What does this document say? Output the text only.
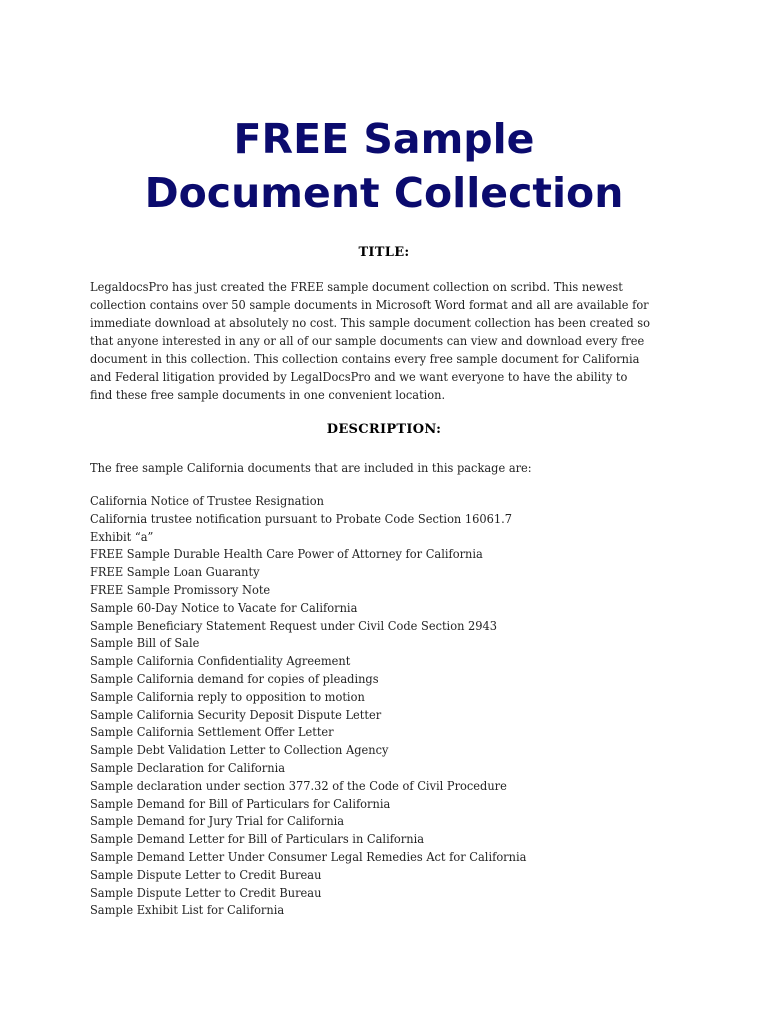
FREE Sample
Document Collection

TITLE:

LegaldocsPro has just created the FREE sample document collection on scribd. This newest
collection contains over 50 sample documents in Microsoft Word format and all are available for
immediate download at absolutely no cost. This sample document collection has been created so
that anyone interested in any or all of our sample documents can view and download every free
document in this collection. This collection contains every free sample document for California
and Federal litigation provided by LegalDocsPro and we want everyone to have the ability to
find these free sample documents in one convenient location.

DESCRIPTION:

The free sample California documents that are included in this package are:

California Notice of Trustee Resignation
California trustee notification pursuant to Probate Code Section 16061.7
Exhibit “a”
FREE Sample Durable Health Care Power of Attorney for California
FREE Sample Loan Guaranty
FREE Sample Promissory Note
Sample 60-Day Notice to Vacate for California
Sample Beneficiary Statement Request under Civil Code Section 2943
Sample Bill of Sale
Sample California Confidentiality Agreement
Sample California demand for copies of pleadings
Sample California reply to opposition to motion
Sample California Security Deposit Dispute Letter
Sample California Settlement Offer Letter
Sample Debt Validation Letter to Collection Agency
Sample Declaration for California
Sample declaration under section 377.32 of the Code of Civil Procedure
Sample Demand for Bill of Particulars for California
Sample Demand for Jury Trial for California
Sample Demand Letter for Bill of Particulars in California
Sample Demand Letter Under Consumer Legal Remedies Act for California
Sample Dispute Letter to Credit Bureau
Sample Dispute Letter to Credit Bureau
Sample Exhibit List for California
